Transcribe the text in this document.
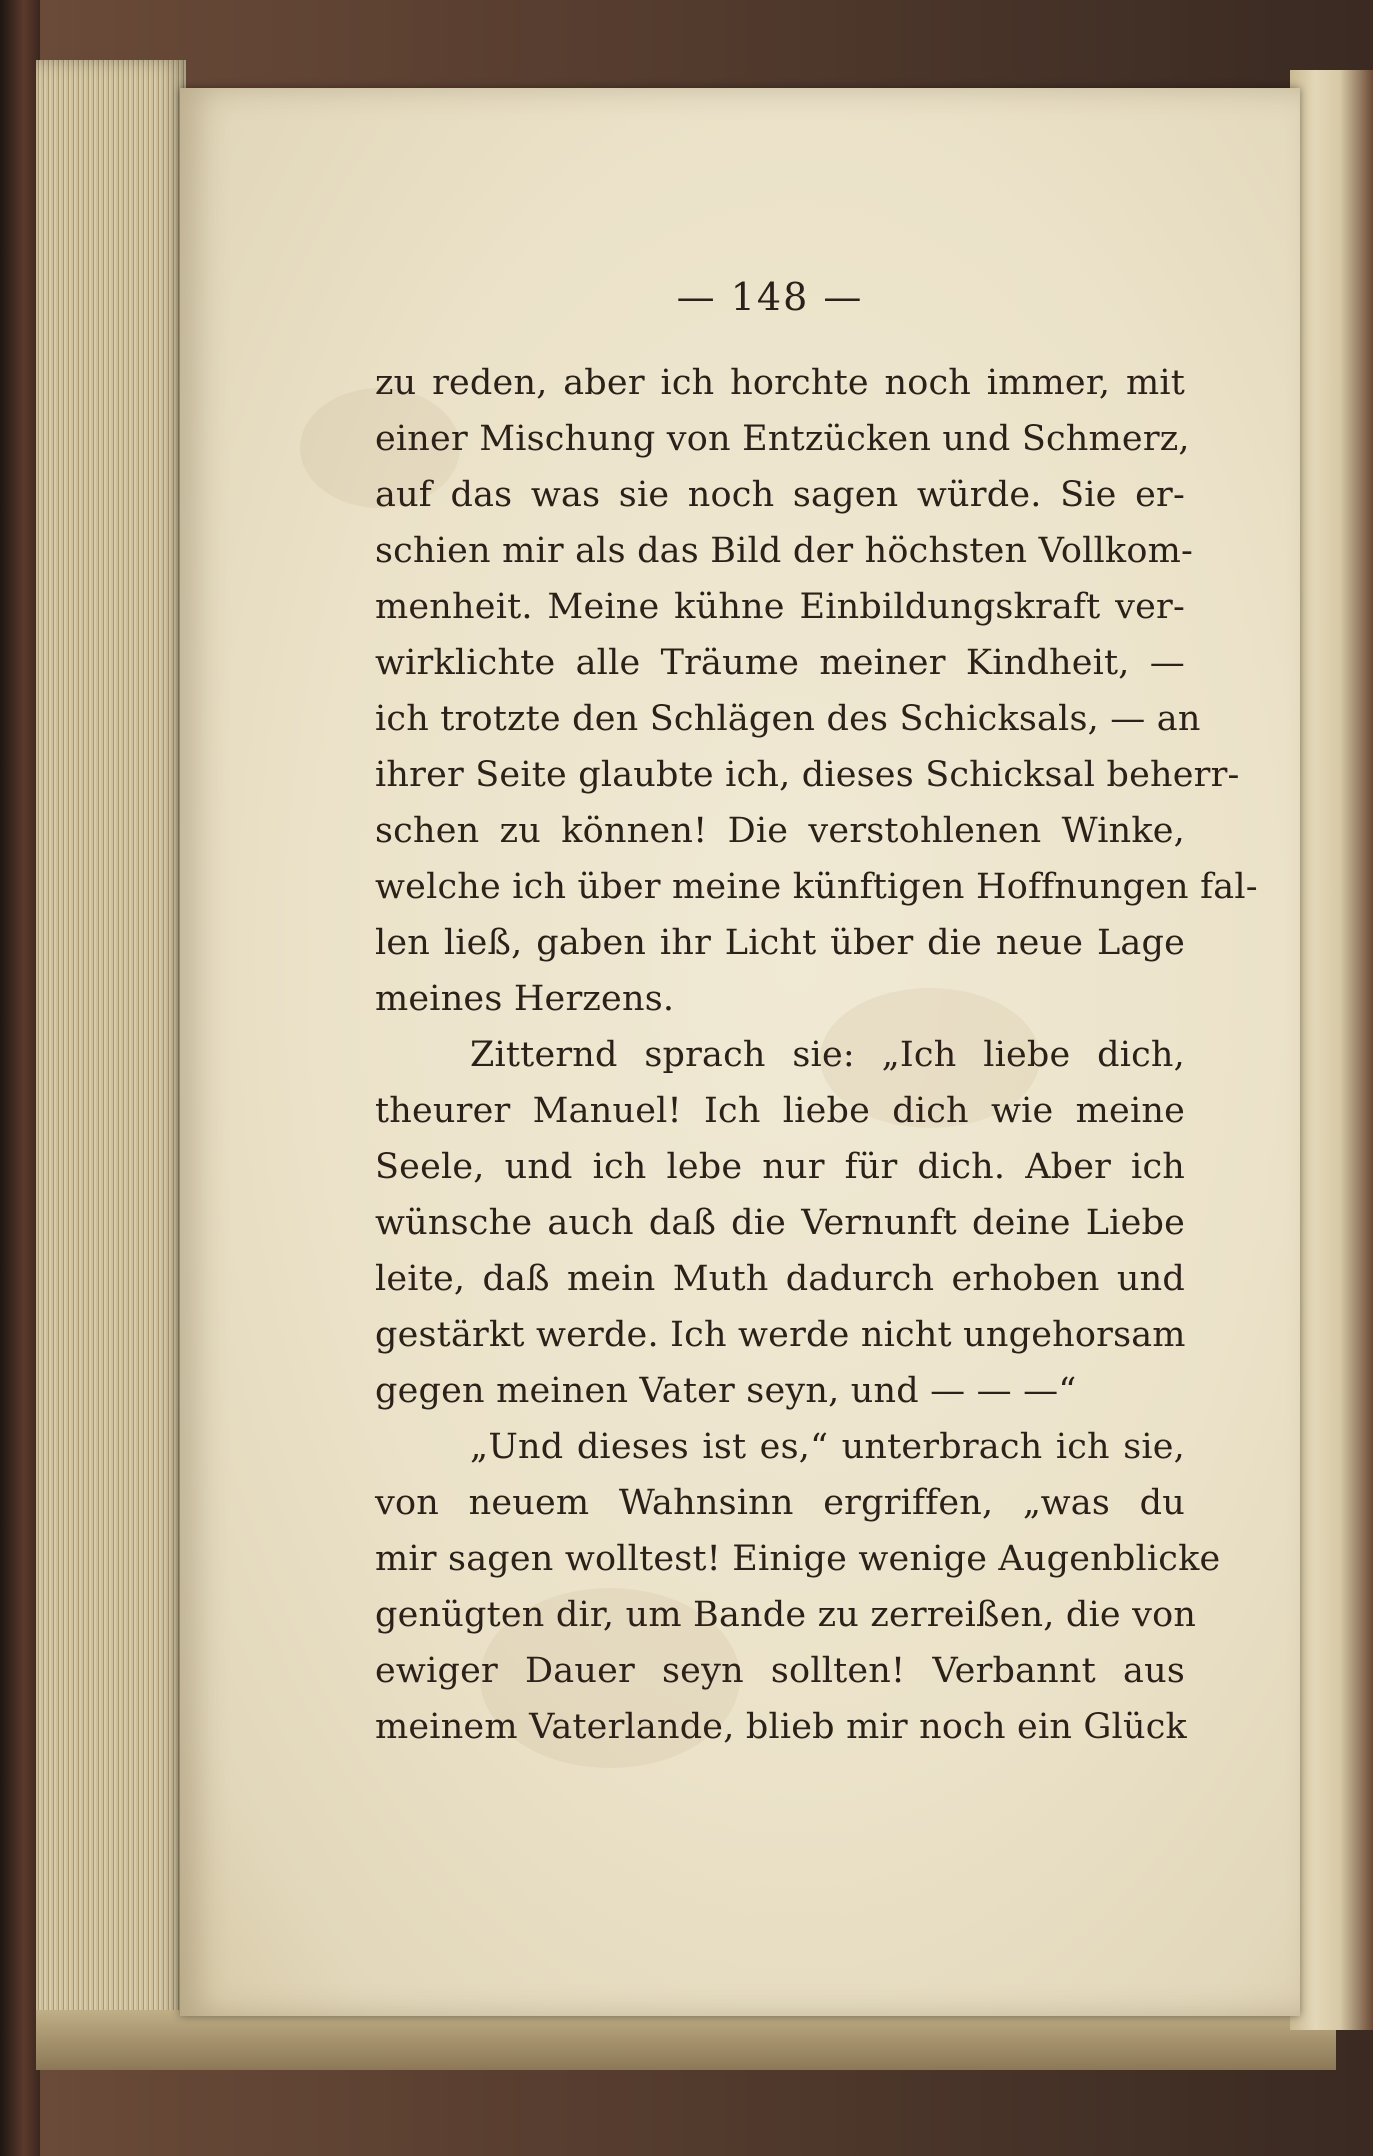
— 148 —
zu reden, aber ich horchte noch immer, mit
einer Mischung von Entzücken und Schmerz,
auf das was sie noch sagen würde. Sie er-
schien mir als das Bild der höchsten Vollkom-
menheit. Meine kühne Einbildungskraft ver-
wirklichte alle Träume meiner Kindheit, —
ich trotzte den Schlägen des Schicksals, — an
ihrer Seite glaubte ich, dieses Schicksal beherr-
schen zu können! Die verstohlenen Winke,
welche ich über meine künftigen Hoffnungen fal-
len ließ, gaben ihr Licht über die neue Lage
meines Herzens.
Zitternd sprach sie: „Ich liebe dich,
theurer Manuel! Ich liebe dich wie meine
Seele, und ich lebe nur für dich. Aber ich
wünsche auch daß die Vernunft deine Liebe
leite, daß mein Muth dadurch erhoben und
gestärkt werde. Ich werde nicht ungehorsam
gegen meinen Vater seyn, und — — —“
„Und dieses ist es,“ unterbrach ich sie,
von neuem Wahnsinn ergriffen, „was du
mir sagen wolltest! Einige wenige Augenblicke
genügten dir, um Bande zu zerreißen, die von
ewiger Dauer seyn sollten! Verbannt aus
meinem Vaterlande, blieb mir noch ein Glück
